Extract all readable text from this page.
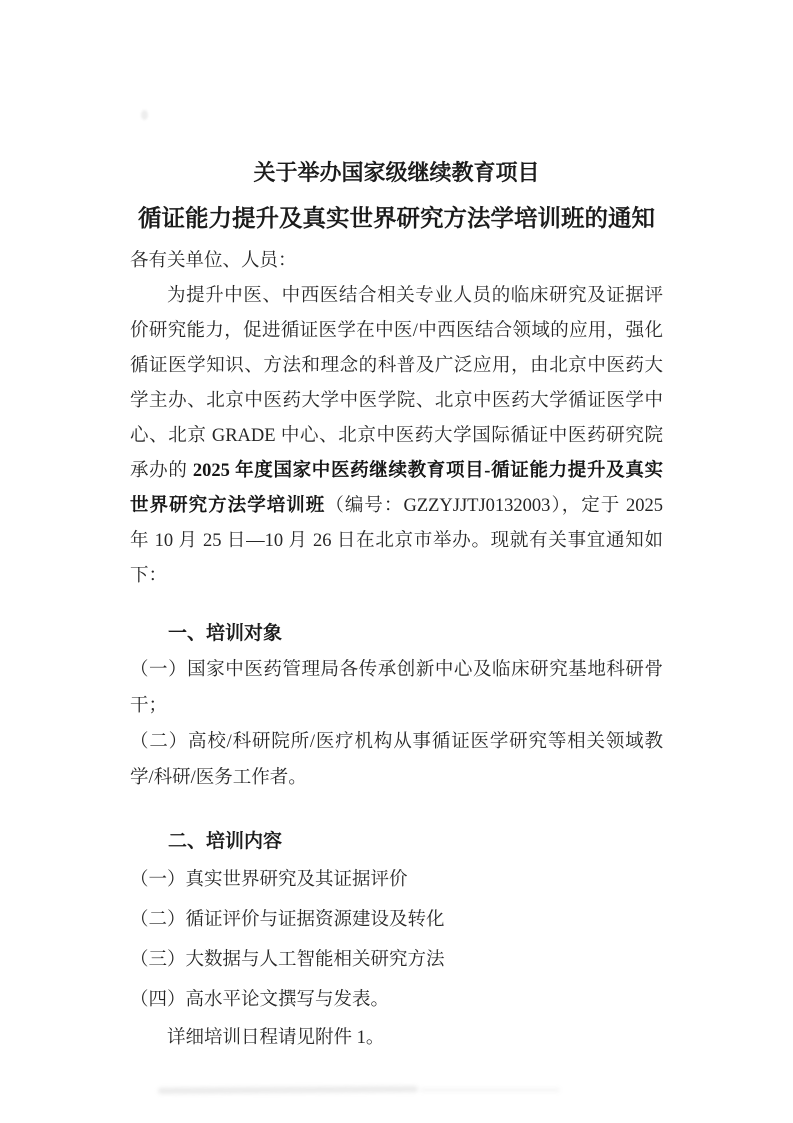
关于举办国家级继续教育项目
循证能力提升及真实世界研究方法学培训班的通知

各有关单位、人员：

为提升中医、中西医结合相关专业人员的临床研究及证据评价研究能力，促进循证医学在中医/中西医结合领域的应用，强化循证医学知识、方法和理念的科普及广泛应用，由北京中医药大学主办、北京中医药大学中医学院、北京中医药大学循证医学中心、北京 GRADE 中心、北京中医药大学国际循证中医药研究院承办的 2025 年度国家中医药继续教育项目-循证能力提升及真实世界研究方法学培训班（编号：GZZYJJTJ0132003），定于 2025 年 10 月 25 日—10 月 26 日在北京市举办。现就有关事宜通知如下：

一、培训对象

（一）国家中医药管理局各传承创新中心及临床研究基地科研骨干；

（二）高校/科研院所/医疗机构从事循证医学研究等相关领域教学/科研/医务工作者。

二、培训内容

（一）真实世界研究及其证据评价

（二）循证评价与证据资源建设及转化

（三）大数据与人工智能相关研究方法

（四）高水平论文撰写与发表。

详细培训日程请见附件 1。
